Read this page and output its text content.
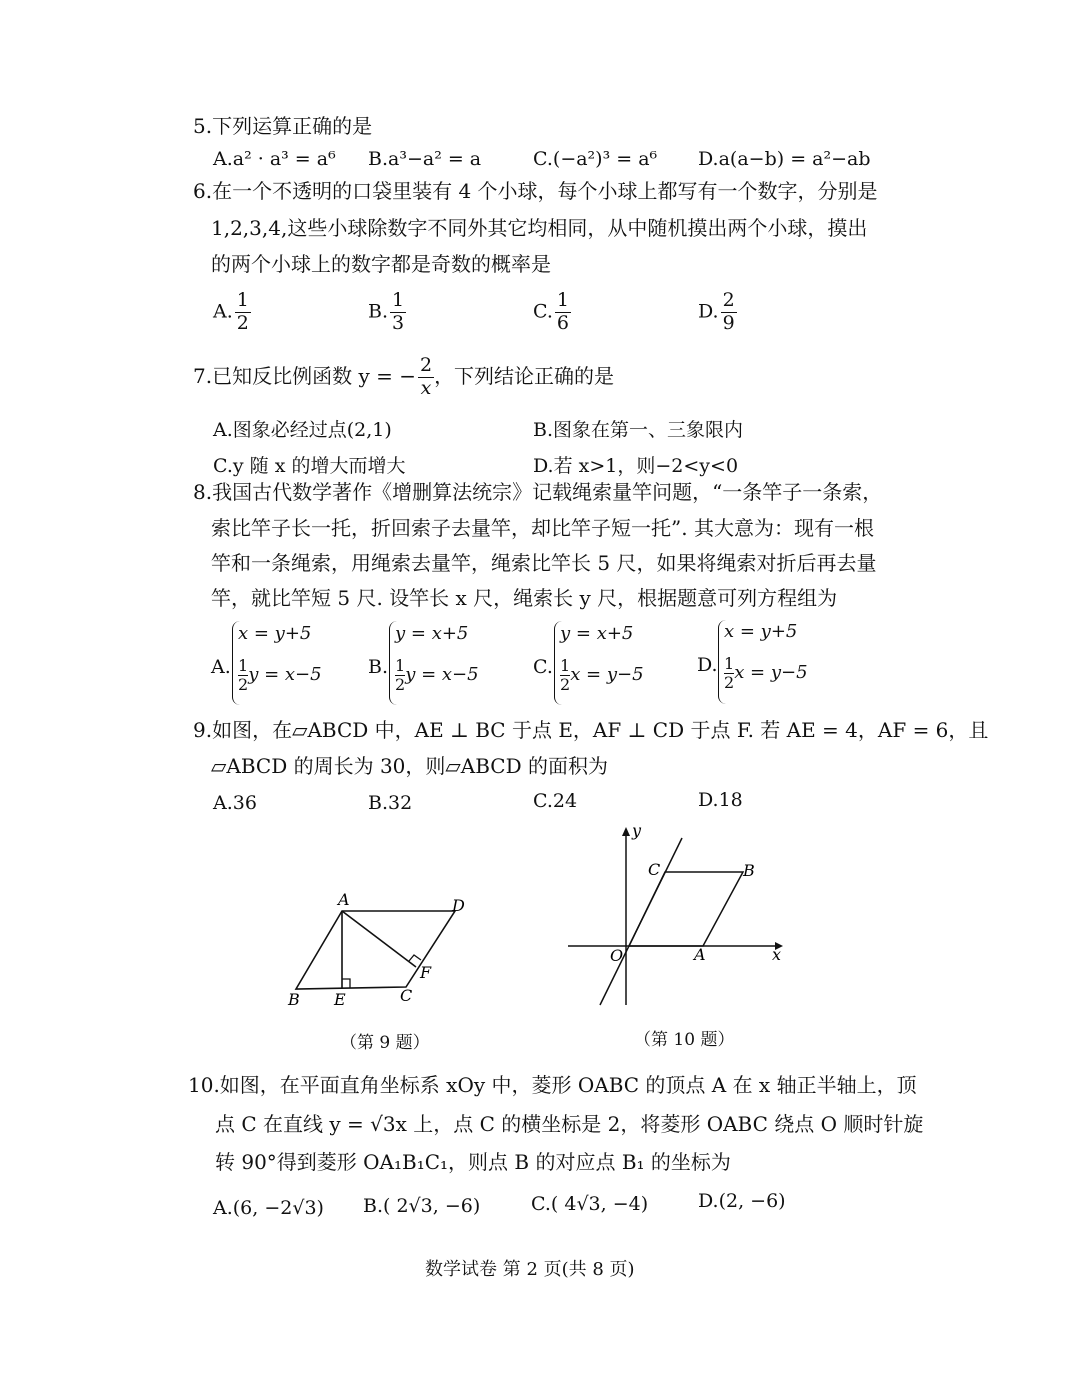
5.下列运算正确的是
A.a² · a³ = a⁶ B.a³−a² = a	C.(−a²)³ = a⁶ D.a(a−b) = a²−ab
6.在一个不透明的口袋里装有 4 个小球，每个小球上都写有一个数字，分别是
1,2,3,4,这些小球除数字不同外其它均相同，从中随机摸出两个小球，摸出
的两个小球上的数字都是奇数的概率是
A. $\frac{1}{2}$	B. $\frac{1}{3}$	C. $\frac{1}{6}$	D. $\frac{2}{9}$
7.已知反比例函数 y = − $\frac{2}{x}$ ，下列结论正确的是
A.图象必经过点(2,1)	B.图象在第一、三象限内
C.y 随 x 的增大而增大	D.若 x>1，则−2<y<0
8.我国古代数学著作《增删算法统宗》记载绳索量竿问题，“一条竿子一条索，
索比竿子长一托，折回索子去量竿，却比竿子短一托”. 其大意为：现有一根
竿和一条绳索，用绳索去量竿，绳索比竿长 5 尺，如果将绳索对折后再去量
竿，就比竿短 5 尺. 设竿长 x 尺，绳索长 y 尺，根据题意可列方程组为
A.
x = y+5
$\frac{1}{2}$ y = x−5 B.
y = x+5
$\frac{1}{2}$ y = x−5	C.
y = x+5
$\frac{1}{2}$ x = y−5	D.
x = y+5
$\frac{1}{2}$ x = y−5
9.如图，在▱ABCD 中，AE ⊥ BC 于点 E，AF ⊥ CD 于点 F. 若 AE = 4，AF = 6，且
▱ABCD 的周长为 30，则▱ABCD 的面积为
A.36	B.32	C.24	D.18
A	D
B E	C
F
（第 9 题）
y
x
O	A
C	B
（第 10 题）
10.如图，在平面直角坐标系 xOy 中，菱形 OABC 的顶点 A 在 x 轴正半轴上，顶
点 C 在直线 y = √3x 上，点 C 的横坐标是 2，将菱形 OABC 绕点 O 顺时针旋
转 90°得到菱形 OA₁B₁C₁，则点 B 的对应点 B₁ 的坐标为
A.(6, −2√3) B.( 2√3, −6)	C.( 4√3, −4)	D.(2, −6)
数学试卷 第 2 页(共 8 页)
